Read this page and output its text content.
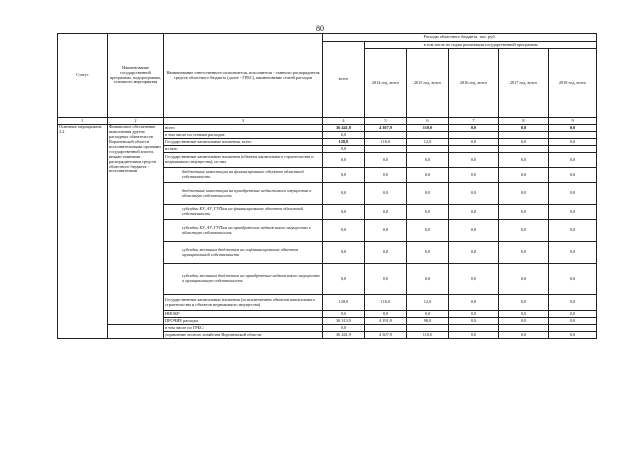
80
Статус	Наименование государственной программы, подпрограммы, основного мероприятия	Наименование ответственного исполнителя, исполнителя - главного распорядителя средств областного бюджета (далее - ГРБС), наименование статей расходов	Расходы областного бюджета, тыс. руб.					
			всего	в том числе по годам реализации государственной программы				
				2014 год, всего	2015 год, всего	2016 год, всего	2017 год, всего	2018 год, всего
1	2	3	4	5	6	7	8	9
Основное мероприятие 2.2	Финансовое обеспечение выполнения других расходных обязательств Воронежской области исполнительными органами государственной власти, иными главными распорядителями средств областного бюджета - исполнителями	всего	36 441,9	4 307,9	110,0	0,0	0,0	0,0
		в том числе по статьям расходов:	0,0					
		Государственные капитальные вложения, всего	128,0	116,0	12,0	0,0	0,0	0,0
		из них:	0,0					
		Государственные капитальные вложения (объекты капитального строительства и недвижимого имущества), из них	0,0	0,0	0,0	0,0	0,0	0,0
		бюджетные инвестиции на финансирование объектов областной собственности	0,0	0,0	0,0	0,0	0,0	0,0
		бюджетные инвестиции на приобретение недвижимого имущества в областную собственность	0,0	0,0	0,0	0,0	0,0	0,0
		субсидии БУ, АУ, ГУПам на финансирование объектов областной собственности	0,0	0,0	0,0	0,0	0,0	0,0
		субсидии БУ, АУ, ГУПам на приобретение недвижимого имущества в областную собственность	0,0	0,0	0,0	0,0	0,0	0,0
		субсидии местным бюджетам на софинансирование объектов муниципальной собственности	0,0	0,0	0,0	0,0	0,0	0,0
		субсидии местным бюджетам на приобретение недвижимого имущества в муниципальную собственность	0,0	0,0	0,0	0,0	0,0	0,0
		Государственные капитальные вложения (за исключением объектов капитального строительства и объектов недвижимого имущества)	128,0	116,0	12,0	0,0	0,0	0,0
		НИОКР	0,0	0,0	0,0	0,0	0,0	0,0
		ПРОЧИЕ расходы	36 313,9	4 191,9	98,0	0,0	0,0	0,0
		в том числе по ГРБС:	0,0					
		управление лесного хозяйства Воронежской области	36 441,9	4 307,9	110,0	0,0	0,0	0,0
